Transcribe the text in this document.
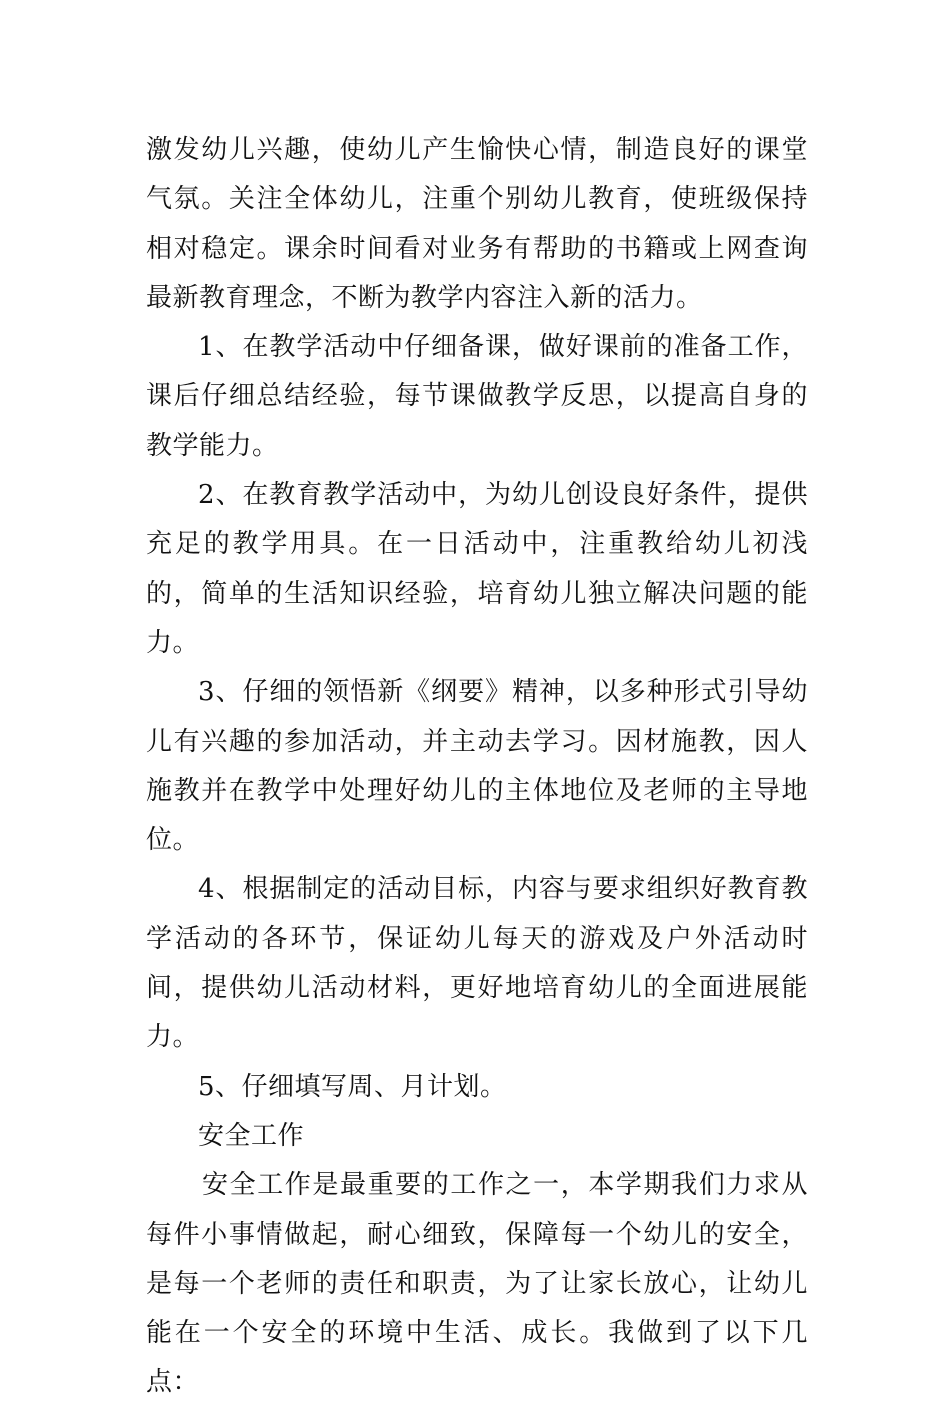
激发幼儿兴趣，使幼儿产生愉快心情，制造良好的课堂气氛。关注全体幼儿，注重个别幼儿教育，使班级保持相对稳定。课余时间看对业务有帮助的书籍或上网查询最新教育理念，不断为教学内容注入新的活力。

1、在教学活动中仔细备课，做好课前的准备工作，课后仔细总结经验，每节课做教学反思，以提高自身的教学能力。

2、在教育教学活动中，为幼儿创设良好条件，提供充足的教学用具。在一日活动中，注重教给幼儿初浅的，简单的生活知识经验，培育幼儿独立解决问题的能力。

3、仔细的领悟新《纲要》精神，以多种形式引导幼儿有兴趣的参加活动，并主动去学习。因材施教，因人施教并在教学中处理好幼儿的主体地位及老师的主导地位。

4、根据制定的活动目标，内容与要求组织好教育教学活动的各环节，保证幼儿每天的游戏及户外活动时间，提供幼儿活动材料，更好地培育幼儿的全面进展能力。

5、仔细填写周、月计划。

安全工作

安全工作是最重要的工作之一，本学期我们力求从每件小事情做起，耐心细致，保障每一个幼儿的安全，是每一个老师的责任和职责，为了让家长放心，让幼儿能在一个安全的环境中生活、成长。我做到了以下几点：
